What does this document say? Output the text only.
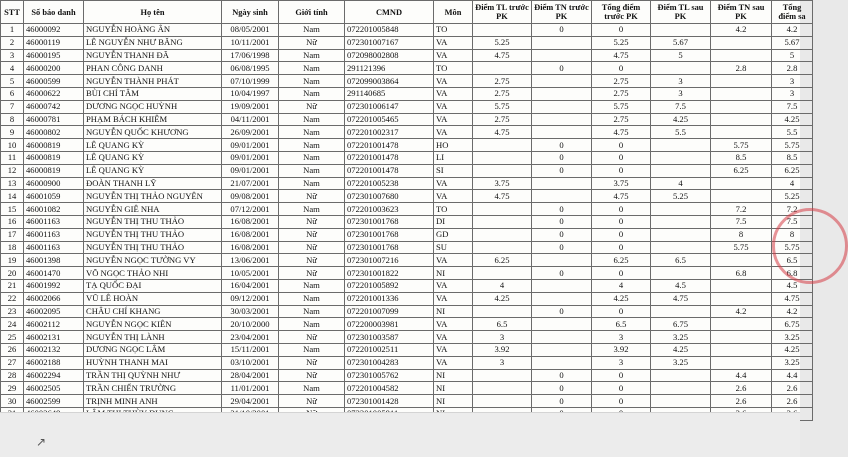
STT	Số báo danh	Họ tên	Ngày sinh	Giới tính	CMND	Môn	Điểm TL trước PK	Điểm TN trước PK	Tổng điểm trước PK	Điểm TL sau PK	Điểm TN sau PK	Tổng điểm sa
1	46000092	NGUYỄN HOÀNG ÂN	08/05/2001	Nam	072201005848	TO		0	0		4.2	4.2
2	46000119	LÊ NGUYỄN NHƯ BĂNG	10/11/2001	Nữ	072301007167	VA	5.25		5.25	5.67		5.67
3	46000195	NGUYỄN THANH ĐÃ	17/06/1998	Nam	072098002808	VA	4.75		4.75	5		5
4	46000200	PHAN CÔNG DANH	06/08/1995	Nam	291121396	TO		0	0		2.8	2.8
5	46000599	NGUYỄN THÀNH PHÁT	07/10/1999	Nam	072099003864	VA	2.75		2.75	3		3
6	46000622	BÙI CHÍ TÂM	10/04/1997	Nam	291140685	VA	2.75		2.75	3		3
7	46000742	DƯƠNG NGỌC HUỲNH	19/09/2001	Nữ	072301006147	VA	5.75		5.75	7.5		7.5
8	46000781	PHẠM BÁCH KHIÊM	04/11/2001	Nam	072201005465	VA	2.75		2.75	4.25		4.25
9	46000802	NGUYỄN QUỐC KHƯƠNG	26/09/2001	Nam	072201002317	VA	4.75		4.75	5.5		5.5
10	46000819	LÊ QUANG KỲ	09/01/2001	Nam	072201001478	HO		0	0		5.75	5.75
11	46000819	LÊ QUANG KỲ	09/01/2001	Nam	072201001478	LI		0	0		8.5	8.5
12	46000819	LÊ QUANG KỲ	09/01/2001	Nam	072201001478	SI		0	0		6.25	6.25
13	46000900	ĐOÀN THANH LỸ	21/07/2001	Nam	072201005238	VA	3.75		3.75	4		4
14	46001059	NGUYỄN THỊ THẢO NGUYÊN	09/08/2001	Nữ	072301007680	VA	4.75		4.75	5.25		5.25
15	46001082	NGUYỄN GIÊ NHA	07/12/2001	Nam	072201003623	TO		0	0		7.2	7.2
16	46001163	NGUYỄN THỊ THU THẢO	16/08/2001	Nữ	072301001768	DI		0	0		7.5	7.5
17	46001163	NGUYỄN THỊ THU THẢO	16/08/2001	Nữ	072301001768	GD		0	0		8	8
18	46001163	NGUYỄN THỊ THU THẢO	16/08/2001	Nữ	072301001768	SU		0	0		5.75	5.75
19	46001398	NGUYỄN NGỌC TƯỜNG VY	13/06/2001	Nữ	072301007216	VA	6.25		6.25	6.5		6.5
20	46001470	VÕ NGỌC THẢO NHI	10/05/2001	Nữ	072301001822	NI		0	0		6.8	6.8
21	46001992	TẠ QUỐC ĐẠI	16/04/2001	Nam	072201005892	VA	4		4	4.5		4.5
22	46002066	VŨ LÊ HOÀN	09/12/2001	Nam	072201001336	VA	4.25		4.25	4.75		4.75
23	46002095	CHÂU CHÍ KHANG	30/03/2001	Nam	072201007099	NI		0	0		4.2	4.2
24	46002112	NGUYỄN NGỌC KIÊN	20/10/2000	Nam	072200003981	VA	6.5		6.5	6.75		6.75
25	46002131	NGUYỄN THỊ LÀNH	23/04/2001	Nữ	072301003587	VA	3		3	3.25		3.25
26	46002132	DƯƠNG NGỌC LÂM	15/11/2001	Nam	072201002511	VA	3.92		3.92	4.25		4.25
27	46002188	HUỲNH THANH MAI	03/10/2001	Nữ	072301004283	VA	3		3	3.25		3.25
28	46002294	TRẦN THỊ QUỲNH NHƯ	28/04/2001	Nữ	072301005762	NI		0	0		4.4	4.4
29	46002505	TRẦN CHIẾN TRƯỜNG	11/01/2001	Nam	072201004582	NI		0	0		2.6	2.6
30	46002599	TRỊNH MINH ANH	29/04/2001	Nữ	072301001428	NI		0	0		2.6	2.6

↗
